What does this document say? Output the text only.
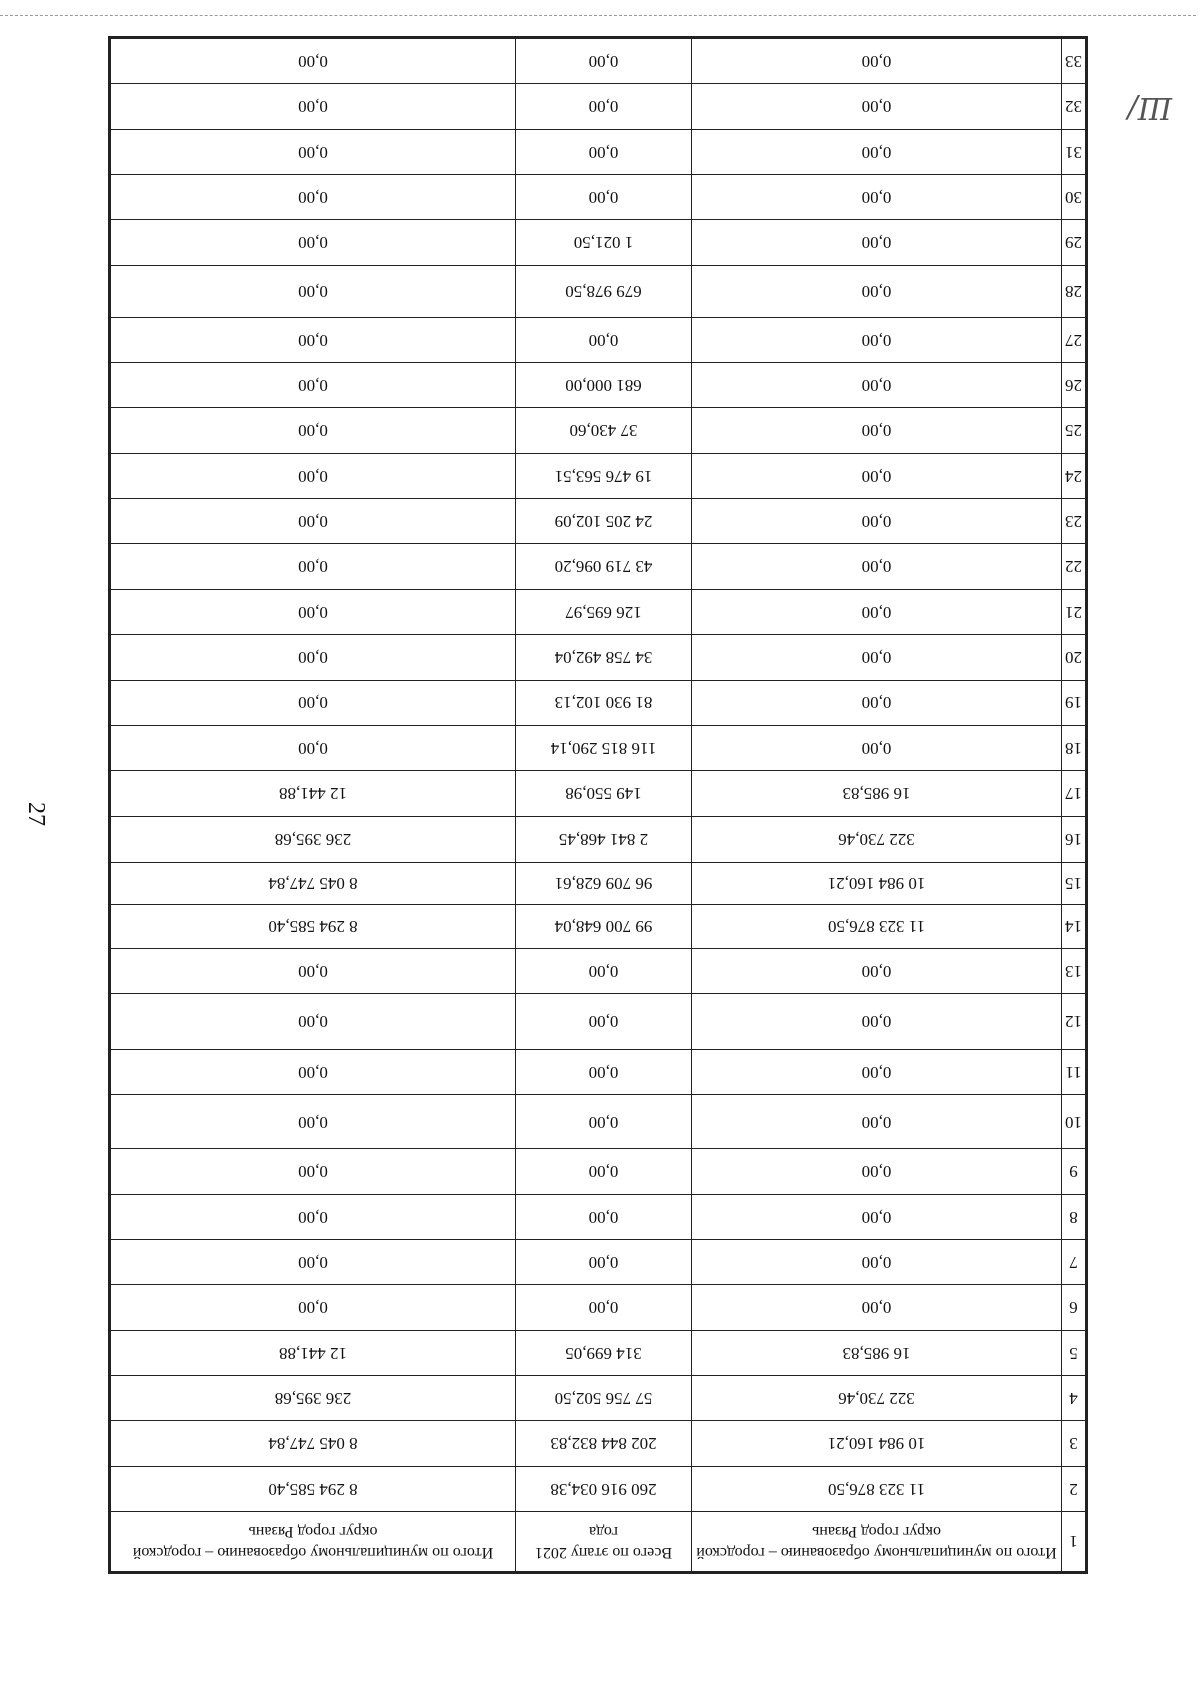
27
Ш/
1	Итого по муниципальному образованию – городской округ город Рязань	Всего по этапу 2021 года	Итого по муниципальному образованию – городской округ город Рязань
2	11 323 876,50	260 916 034,38	8 294 585,40
3	10 984 160,21	202 844 832,83	8 045 747,84
4	322 730,46	57 756 502,50	236 395,68
5	16 985,83	314 699,05	12 441,88
6	0,00	0,00	0,00
7	0,00	0,00	0,00
8	0,00	0,00	0,00
9	0,00	0,00	0,00
10	0,00	0,00	0,00
11	0,00	0,00	0,00
12	0,00	0,00	0,00
13	0,00	0,00	0,00
14	11 323 876,50	99 700 648,04	8 294 585,40
15	10 984 160,21	96 709 628,61	8 045 747,84
16	322 730,46	2 841 468,45	236 395,68
17	16 985,83	149 550,98	12 441,88
18	0,00	116 815 290,14	0,00
19	0,00	81 930 102,13	0,00
20	0,00	34 758 492,04	0,00
21	0,00	126 695,97	0,00
22	0,00	43 719 096,20	0,00
23	0,00	24 205 102,09	0,00
24	0,00	19 476 563,51	0,00
25	0,00	37 430,60	0,00
26	0,00	681 000,00	0,00
27	0,00	0,00	0,00
28	0,00	679 978,50	0,00
29	0,00	1 021,50	0,00
30	0,00	0,00	0,00
31	0,00	0,00	0,00
32	0,00	0,00	0,00
33	0,00	0,00	0,00
